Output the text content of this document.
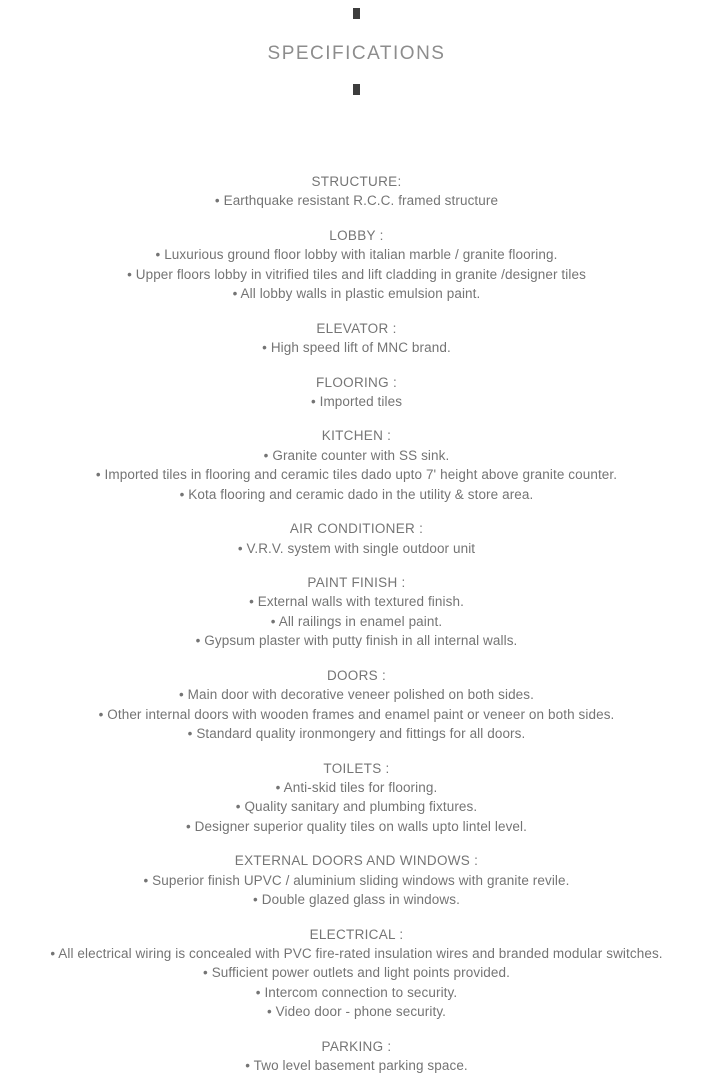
SPECIFICATIONS
STRUCTURE:

• Earthquake resistant R.C.C. framed structure

LOBBY :

• Luxurious ground floor lobby with italian marble / granite flooring.

• Upper floors lobby in vitrified tiles and lift cladding in granite /designer tiles

• All lobby walls in plastic emulsion paint.

ELEVATOR :

• High speed lift of MNC brand.

FLOORING :

• Imported tiles

KITCHEN :

• Granite counter with SS sink.

• Imported tiles in flooring and ceramic tiles dado upto 7' height above granite counter.

• Kota flooring and ceramic dado in the utility & store area.

AIR CONDITIONER :

• V.R.V. system with single outdoor unit

PAINT FINISH :

• External walls with textured finish.

• All railings in enamel paint.

• Gypsum plaster with putty finish in all internal walls.

DOORS :

• Main door with decorative veneer polished on both sides.

• Other internal doors with wooden frames and enamel paint or veneer on both sides.

• Standard quality ironmongery and fittings for all doors.

TOILETS :

• Anti-skid tiles for flooring.

• Quality sanitary and plumbing fixtures.

• Designer superior quality tiles on walls upto lintel level.

EXTERNAL DOORS AND WINDOWS :

• Superior finish UPVC / aluminium sliding windows with granite revile.

• Double glazed glass in windows.

ELECTRICAL :

• All electrical wiring is concealed with PVC fire-rated insulation wires and branded modular switches.

• Sufficient power outlets and light points provided.

• Intercom connection to security.

• Video door - phone security.

PARKING :

• Two level basement parking space.
